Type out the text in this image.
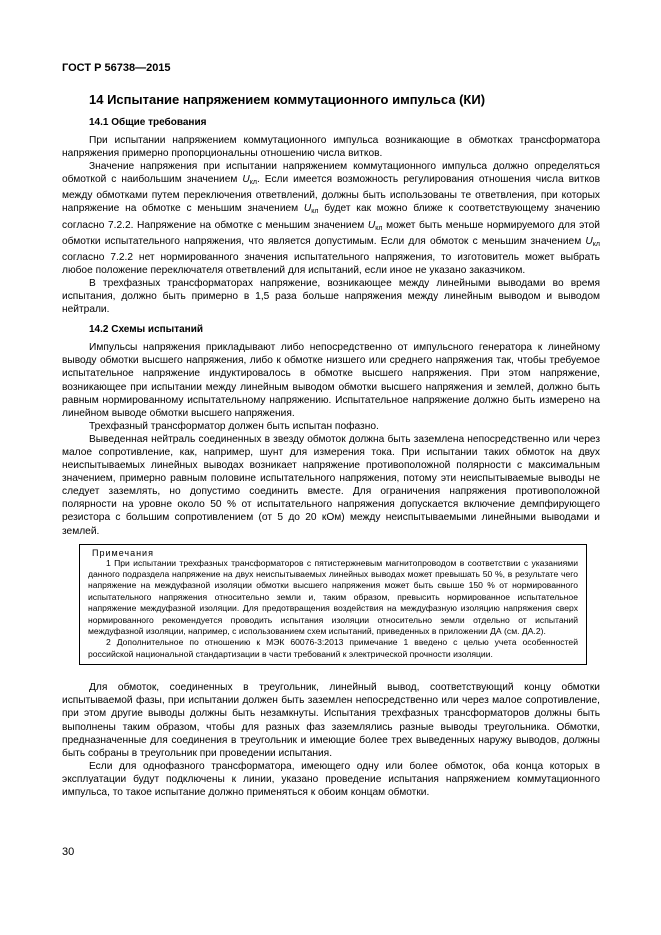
ГОСТ Р 56738—2015
14 Испытание напряжением коммутационного импульса (КИ)
14.1 Общие требования

При испытании напряжением коммутационного импульса возникающие в обмотках трансформатора напряжения примерно пропорциональны отношению числа витков.

Значение напряжения при испытании напряжением коммутационного импульса должно определяться обмоткой с наибольшим значением $U_{кл}$. Если имеется возможность регулирования отношения числа витков между обмотками путем переключения ответвлений, должны быть использованы те ответвления, при которых напряжение на обмотке с меньшим значением $U_{кл}$ будет как можно ближе к соответствующему значению согласно 7.2.2. Напряжение на обмотке с меньшим значением $U_{кл}$ может быть меньше нормируемого для этой обмотки испытательного напряжения, что является допустимым. Если для обмоток с меньшим значением $U_{кл}$ согласно 7.2.2 нет нормированного значения испытательного напряжения, то изготовитель может выбрать любое положение переключателя ответвлений для испытаний, если иное не указано заказчиком.

В трехфазных трансформаторах напряжение, возникающее между линейными выводами во время испытания, должно быть примерно в 1,5 раза больше напряжения между линейным выводом и выводом нейтрали.

14.2 Схемы испытаний

Импульсы напряжения прикладывают либо непосредственно от импульсного генератора к линейному выводу обмотки высшего напряжения, либо к обмотке низшего или среднего напряжения так, чтобы требуемое испытательное напряжение индуктировалось в обмотке высшего напряжения. При этом напряжение, возникающее при испытании между линейным выводом обмотки высшего напряжения и землей, должно быть равным нормированному испытательному напряжению. Испытательное напряжение должно быть измерено на линейном выводе обмотки высшего напряжения.

Трехфазный трансформатор должен быть испытан пофазно.

Выведенная нейтраль соединенных в звезду обмоток должна быть заземлена непосредственно или через малое сопротивление, как, например, шунт для измерения тока. При испытании таких обмоток на двух неиспытываемых линейных выводах возникает напряжение противоположной полярности с максимальным значением, примерно равным половине испытательного напряжения, потому эти неиспытываемые выводы не следует заземлять, но допустимо соединить вместе. Для ограничения напряжения противоположной полярности на уровне около 50 % от испытательного напряжения допускается включение демпфирующего резистора с большим сопротивлением (от 5 до 20 кОм) между неиспытываемыми линейными выводами и землей.

Примечания

1 При испытании трехфазных трансформаторов с пятистержневым магнитопроводом в соответствии с указаниями данного подраздела напряжение на двух неиспытываемых линейных выводах может превышать 50 %, в результате чего напряжение на междуфазной изоляции обмотки высшего напряжения может быть свыше 150 % от нормированного испытательного напряжения относительно земли и, таким образом, превысить нормированное испытательное напряжение междуфазной изоляции. Для предотвращения воздействия на междуфазную изоляцию напряжения сверх нормированного рекомендуется проводить испытания изоляции относительно земли отдельно от испытаний междуфазной изоляции, например, с использованием схем испытаний, приведенных в приложении ДА (см. ДА.2).

2 Дополнительное по отношению к МЭК 60076-3:2013 примечание 1 введено с целью учета особенностей российской национальной стандартизации в части требований к электрической прочности изоляции.

Для обмоток, соединенных в треугольник, линейный вывод, соответствующий концу обмотки испытываемой фазы, при испытании должен быть заземлен непосредственно или через малое сопротивление, при этом другие выводы должны быть незамкнуты. Испытания трехфазных трансформаторов должны быть выполнены таким образом, чтобы для разных фаз заземлялись разные выводы треугольника. Обмотки, предназначенные для соединения в треугольник и имеющие более трех выведенных наружу выводов, должны быть собраны в треугольник при проведении испытания.

Если для однофазного трансформатора, имеющего одну или более обмоток, оба конца которых в эксплуатации будут подключены к линии, указано проведение испытания напряжением коммутационного импульса, то такое испытание должно применяться к обоим концам обмотки.

30
